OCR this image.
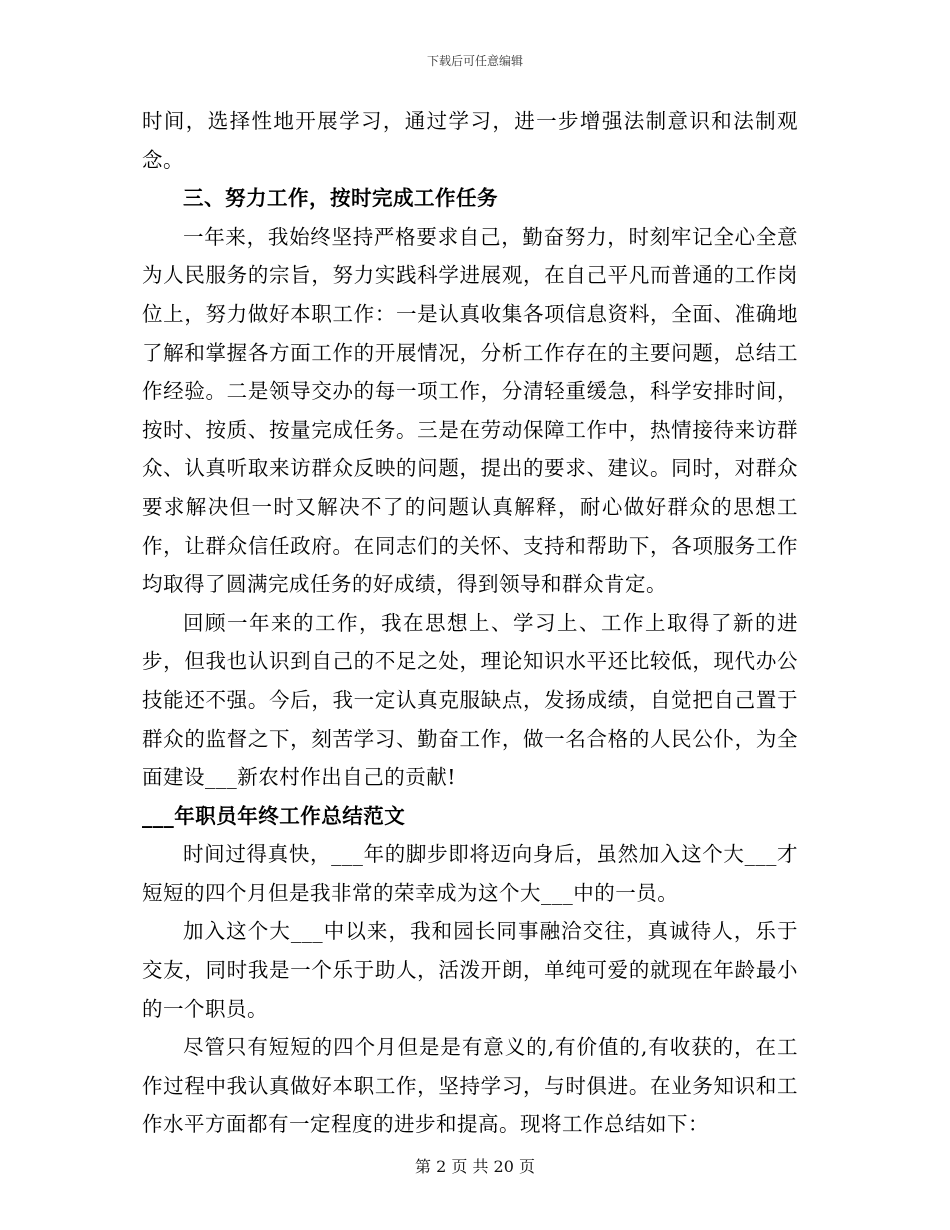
下载后可任意编辑

时间，选择性地开展学习，通过学习，进一步增强法制意识和法制观念。

三、努力工作，按时完成工作任务

一年来，我始终坚持严格要求自己，勤奋努力，时刻牢记全心全意为人民服务的宗旨，努力实践科学进展观，在自己平凡而普通的工作岗位上，努力做好本职工作：一是认真收集各项信息资料，全面、准确地了解和掌握各方面工作的开展情况，分析工作存在的主要问题，总结工作经验。二是领导交办的每一项工作，分清轻重缓急，科学安排时间，按时、按质、按量完成任务。三是在劳动保障工作中，热情接待来访群众、认真听取来访群众反映的问题，提出的要求、建议。同时，对群众要求解决但一时又解决不了的问题认真解释，耐心做好群众的思想工作，让群众信任政府。在同志们的关怀、支持和帮助下，各项服务工作均取得了圆满完成任务的好成绩，得到领导和群众肯定。

回顾一年来的工作，我在思想上、学习上、工作上取得了新的进步，但我也认识到自己的不足之处，理论知识水平还比较低，现代办公技能还不强。今后，我一定认真克服缺点，发扬成绩，自觉把自己置于群众的监督之下，刻苦学习、勤奋工作，做一名合格的人民公仆，为全面建设___新农村作出自己的贡献!

___年职员年终工作总结范文

时间过得真快，___年的脚步即将迈向身后，虽然加入这个大___才短短的四个月但是我非常的荣幸成为这个大___中的一员。

加入这个大___中以来，我和园长同事融洽交往，真诚待人，乐于交友，同时我是一个乐于助人，活泼开朗，单纯可爱的就现在年龄最小的一个职员。

尽管只有短短的四个月但是是有意义的,有价值的,有收获的，在工作过程中我认真做好本职工作，坚持学习，与时俱进。在业务知识和工作水平方面都有一定程度的进步和提高。现将工作总结如下：

第 2 页 共 20 页
